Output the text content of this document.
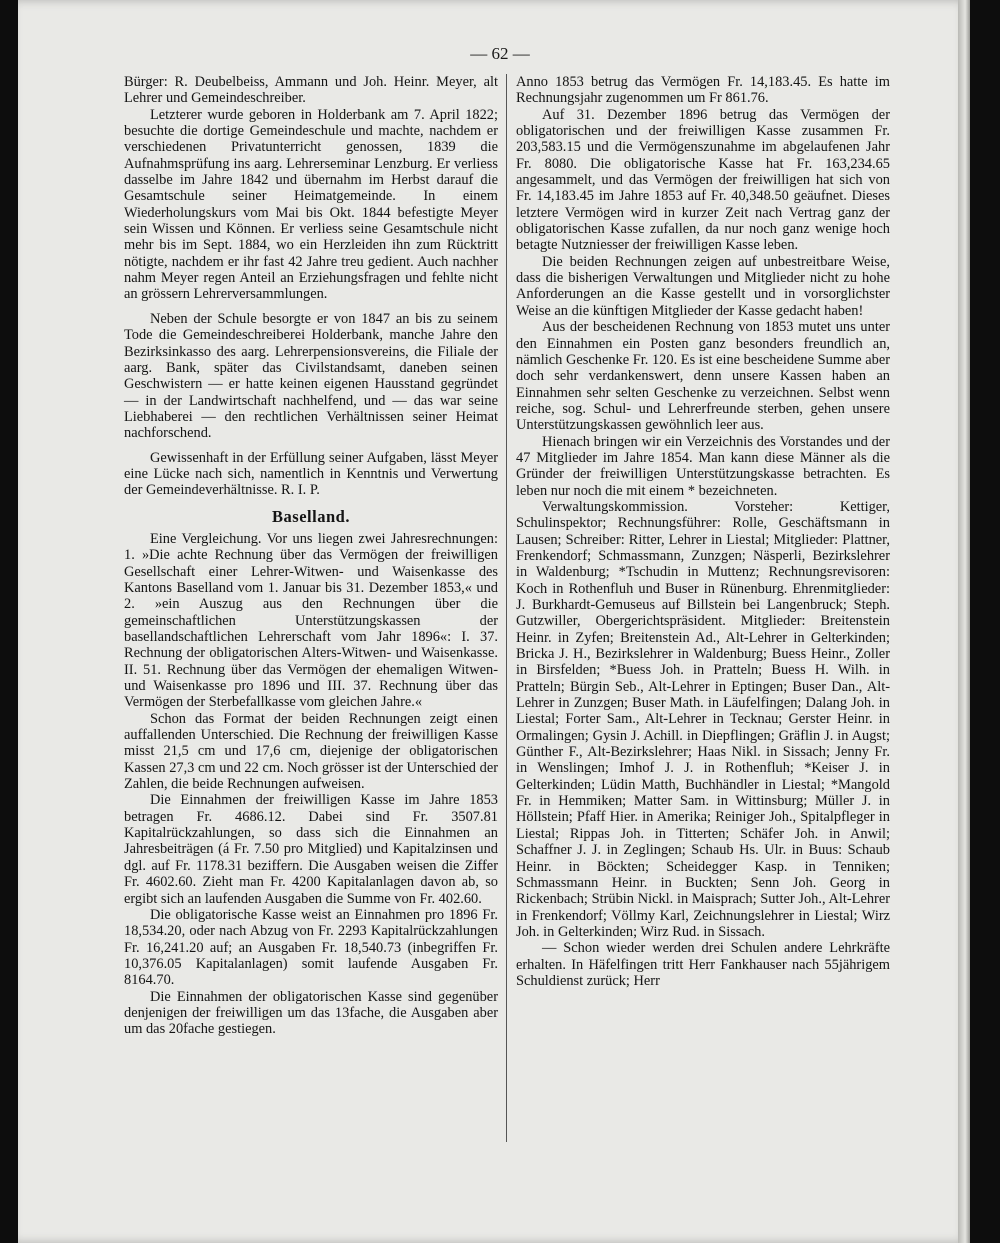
— 62 —

Bürger: R. Deubelbeiss, Ammann und Joh. Heinr. Meyer, alt Lehrer und Gemeindeschreiber.

Letzterer wurde geboren in Holderbank am 7. April 1822; besuchte die dortige Gemeindeschule und machte, nachdem er verschiedenen Privatunterricht genossen, 1839 die Aufnahmsprüfung ins aarg. Lehrerseminar Lenzburg. Er verliess dasselbe im Jahre 1842 und übernahm im Herbst darauf die Gesamtschule seiner Heimatgemeinde. In einem Wiederholungskurs vom Mai bis Okt. 1844 befestigte Meyer sein Wissen und Können. Er verliess seine Gesamtschule nicht mehr bis im Sept. 1884, wo ein Herzleiden ihn zum Rücktritt nötigte, nachdem er ihr fast 42 Jahre treu gedient. Auch nachher nahm Meyer regen Anteil an Erziehungsfragen und fehlte nicht an grössern Lehrerversammlungen.

Neben der Schule besorgte er von 1847 an bis zu seinem Tode die Gemeindeschreiberei Holderbank, manche Jahre den Bezirksinkasso des aarg. Lehrerpensionsvereins, die Filiale der aarg. Bank, später das Civilstandsamt, daneben seinen Geschwistern — er hatte keinen eigenen Hausstand gegründet — in der Landwirtschaft nachhelfend, und — das war seine Liebhaberei — den rechtlichen Verhältnissen seiner Heimat nachforschend.

Gewissenhaft in der Erfüllung seiner Aufgaben, lässt Meyer eine Lücke nach sich, namentlich in Kenntnis und Verwertung der Gemeindeverhältnisse. R. I. P.

Baselland.

Eine Vergleichung. Vor uns liegen zwei Jahresrechnungen: 1. »Die achte Rechnung über das Vermögen der freiwilligen Gesellschaft einer Lehrer-Witwen- und Waisenkasse des Kantons Baselland vom 1. Januar bis 31. Dezember 1853,« und 2. »ein Auszug aus den Rechnungen über die gemeinschaftlichen Unterstützungskassen der basellandschaftlichen Lehrerschaft vom Jahr 1896«: I. 37. Rechnung der obligatorischen Alters-Witwen- und Waisenkasse. II. 51. Rechnung über das Vermögen der ehemaligen Witwen- und Waisenkasse pro 1896 und III. 37. Rechnung über das Vermögen der Sterbefallkasse vom gleichen Jahre.«

Schon das Format der beiden Rechnungen zeigt einen auffallenden Unterschied. Die Rechnung der freiwilligen Kasse misst 21,5 cm und 17,6 cm, diejenige der obligatorischen Kassen 27,3 cm und 22 cm. Noch grösser ist der Unterschied der Zahlen, die beide Rechnungen aufweisen.

Die Einnahmen der freiwilligen Kasse im Jahre 1853 betragen Fr. 4686.12. Dabei sind Fr. 3507.81 Kapitalrückzahlungen, so dass sich die Einnahmen an Jahresbeiträgen (á Fr. 7.50 pro Mitglied) und Kapitalzinsen und dgl. auf Fr. 1178.31 beziffern. Die Ausgaben weisen die Ziffer Fr. 4602.60. Zieht man Fr. 4200 Kapitalanlagen davon ab, so ergibt sich an laufenden Ausgaben die Summe von Fr. 402.60.

Die obligatorische Kasse weist an Einnahmen pro 1896 Fr. 18,534.20, oder nach Abzug von Fr. 2293 Kapitalrückzahlungen Fr. 16,241.20 auf; an Ausgaben Fr. 18,540.73 (inbegriffen Fr. 10,376.05 Kapitalanlagen) somit laufende Ausgaben Fr. 8164.70.

Die Einnahmen der obligatorischen Kasse sind gegenüber denjenigen der freiwilligen um das 13fache, die Ausgaben aber um das 20fache gestiegen.

Anno 1853 betrug das Vermögen Fr. 14,183.45. Es hatte im Rechnungsjahr zugenommen um Fr 861.76.

Auf 31. Dezember 1896 betrug das Vermögen der obligatorischen und der freiwilligen Kasse zusammen Fr. 203,583.15 und die Vermögenszunahme im abgelaufenen Jahr Fr. 8080. Die obligatorische Kasse hat Fr. 163,234.65 angesammelt, und das Vermögen der freiwilligen hat sich von Fr. 14,183.45 im Jahre 1853 auf Fr. 40,348.50 geäufnet. Dieses letztere Vermögen wird in kurzer Zeit nach Vertrag ganz der obligatorischen Kasse zufallen, da nur noch ganz wenige hoch betagte Nutzniesser der freiwilligen Kasse leben.

Die beiden Rechnungen zeigen auf unbestreitbare Weise, dass die bisherigen Verwaltungen und Mitglieder nicht zu hohe Anforderungen an die Kasse gestellt und in vorsorglichster Weise an die künftigen Mitglieder der Kasse gedacht haben!

Aus der bescheidenen Rechnung von 1853 mutet uns unter den Einnahmen ein Posten ganz besonders freundlich an, nämlich Geschenke Fr. 120. Es ist eine bescheidene Summe aber doch sehr verdankenswert, denn unsere Kassen haben an Einnahmen sehr selten Geschenke zu verzeichnen. Selbst wenn reiche, sog. Schul- und Lehrerfreunde sterben, gehen unsere Unterstützungskassen gewöhnlich leer aus.

Hienach bringen wir ein Verzeichnis des Vorstandes und der 47 Mitglieder im Jahre 1854. Man kann diese Männer als die Gründer der freiwilligen Unterstützungskasse betrachten. Es leben nur noch die mit einem * bezeichneten.

Verwaltungskommission. Vorsteher: Kettiger, Schulinspektor; Rechnungsführer: Rolle, Geschäftsmann in Lausen; Schreiber: Ritter, Lehrer in Liestal; Mitglieder: Plattner, Frenkendorf; Schmassmann, Zunzgen; Näsperli, Bezirkslehrer in Waldenburg; *Tschudin in Muttenz; Rechnungsrevisoren: Koch in Rothenfluh und Buser in Rünenburg. Ehrenmitglieder: J. Burkhardt-Gemuseus auf Billstein bei Langenbruck; Steph. Gutzwiller, Obergerichtspräsident. Mitglieder: Breitenstein Heinr. in Zyfen; Breitenstein Ad., Alt-Lehrer in Gelterkinden; Bricka J. H., Bezirkslehrer in Waldenburg; Buess Heinr., Zoller in Birsfelden; *Buess Joh. in Pratteln; Buess H. Wilh. in Pratteln; Bürgin Seb., Alt-Lehrer in Eptingen; Buser Dan., Alt-Lehrer in Zunzgen; Buser Math. in Läufelfingen; Dalang Joh. in Liestal; Forter Sam., Alt-Lehrer in Tecknau; Gerster Heinr. in Ormalingen; Gysin J. Achill. in Diepflingen; Gräflin J. in Augst; Günther F., Alt-Bezirkslehrer; Haas Nikl. in Sissach; Jenny Fr. in Wenslingen; Imhof J. J. in Rothenfluh; *Keiser J. in Gelterkinden; Lüdin Matth, Buchhändler in Liestal; *Mangold Fr. in Hemmiken; Matter Sam. in Wittinsburg; Müller J. in Höllstein; Pfaff Hier. in Amerika; Reiniger Joh., Spitalpfleger in Liestal; Rippas Joh. in Titterten; Schäfer Joh. in Anwil; Schaffner J. J. in Zeglingen; Schaub Hs. Ulr. in Buus: Schaub Heinr. in Böckten; Scheidegger Kasp. in Tenniken; Schmassmann Heinr. in Buckten; Senn Joh. Georg in Rickenbach; Strübin Nickl. in Maisprach; Sutter Joh., Alt-Lehrer in Frenkendorf; Völlmy Karl, Zeichnungslehrer in Liestal; Wirz Joh. in Gelterkinden; Wirz Rud. in Sissach.

— Schon wieder werden drei Schulen andere Lehrkräfte erhalten. In Häfelfingen tritt Herr Fankhauser nach 55jährigem Schuldienst zurück; Herr
